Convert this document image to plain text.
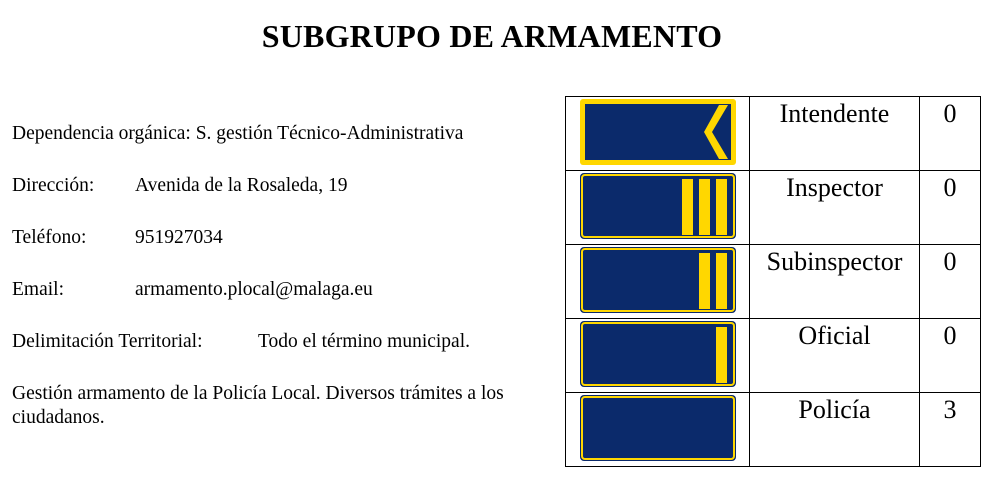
SUBGRUPO DE ARMAMENTO
Dependencia orgánica: S. gestión Técnico-Administrativa
Dirección: Avenida de la Rosaleda, 19
Teléfono: 951927034
Email:	armamento.plocal@malaga.eu
Delimitación Territorial:	Todo el término municipal.
Gestión armamento de la Policía Local. Diversos trámites a los ciudadanos.
	Intendente	0

	Inspector	0

	Subinspector	0

	Oficial	0

	Policía	3
